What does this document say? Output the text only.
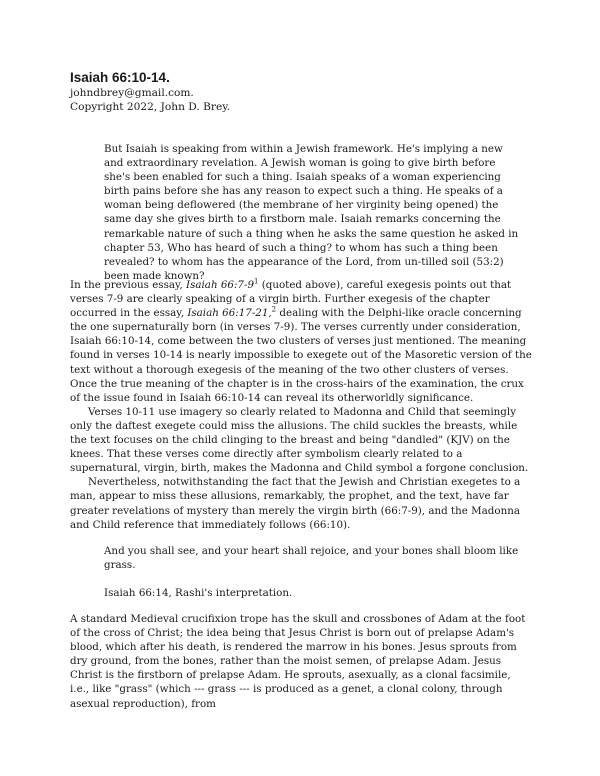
Isaiah 66:10-14.

johndbrey@gmail.com.

Copyright 2022, John D. Brey.

But Isaiah is speaking from within a Jewish framework. He's implying a new and extraordinary revelation. A Jewish woman is going to give birth before she's been enabled for such a thing. Isaiah speaks of a woman experiencing birth pains before she has any reason to expect such a thing. He speaks of a woman being deflowered (the membrane of her virginity being opened) the same day she gives birth to a firstborn male. Isaiah remarks concerning the remarkable nature of such a thing when he asks the same question he asked in chapter 53, Who has heard of such a thing? to whom has such a thing been revealed? to whom has the appearance of the Lord, from un-tilled soil (53:2) been made known?

In the previous essay, Isaiah $66:7-9^1$ (quoted above), careful exegesis points out that verses 7-9 are clearly speaking of a virgin birth. Further exegesis of the chapter occurred in the essay, Isaiah 66:17-21,$^2$ dealing with the Delphi-like oracle concerning the one supernaturally born (in verses 7-9). The verses currently under consideration, Isaiah 66:10-14, come between the two clusters of verses just mentioned. The meaning found in verses 10-14 is nearly impossible to exegete out of the Masoretic version of the text without a thorough exegesis of the meaning of the two other clusters of verses. Once the true meaning of the chapter is in the cross-hairs of the examination, the crux of the issue found in Isaiah 66:10-14 can reveal its otherworldly significance.

Verses 10-11 use imagery so clearly related to Madonna and Child that seemingly only the daftest exegete could miss the allusions. The child suckles the breasts, while the text focuses on the child clinging to the breast and being "dandled" (KJV) on the knees. That these verses come directly after symbolism clearly related to a supernatural, virgin, birth, makes the Madonna and Child symbol a forgone conclusion.

Nevertheless, notwithstanding the fact that the Jewish and Christian exegetes to a man, appear to miss these allusions, remarkably, the prophet, and the text, have far greater revelations of mystery than merely the virgin birth (66:7-9), and the Madonna and Child reference that immediately follows (66:10).

And you shall see, and your heart shall rejoice, and your bones shall bloom like grass.

Isaiah 66:14, Rashi's interpretation.

A standard Medieval crucifixion trope has the skull and crossbones of Adam at the foot of the cross of Christ; the idea being that Jesus Christ is born out of prelapse Adam's blood, which after his death, is rendered the marrow in his bones. Jesus sprouts from dry ground, from the bones, rather than the moist semen, of prelapse Adam. Jesus Christ is the firstborn of prelapse Adam. He sprouts, asexually, as a clonal facsimile, i.e., like "grass" (which --- grass --- is produced as a genet, a clonal colony, through asexual reproduction), from
